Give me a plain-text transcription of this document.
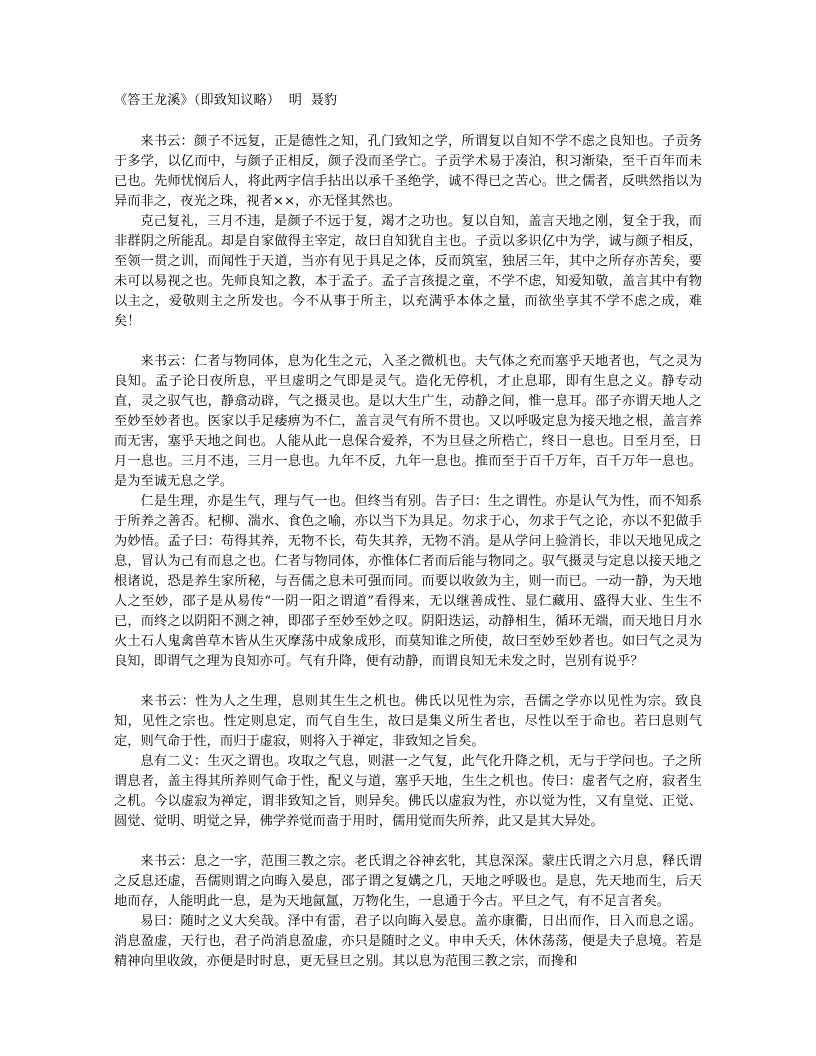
《答王龙溪》（即致知议略）  明  聂豹

来书云：颜子不远复，正是德性之知，孔门致知之学，所谓复以自知不学不虑之良知也。子贡务于多学，以亿而中，与颜子正相反，颜子没而圣学亡。子贡学术易于凑泊，积习渐染，至千百年而未已也。先师忧悯后人，将此两字信手拈出以承千圣绝学，诚不得已之苦心。世之儒者，反哄然指以为异而非之，夜光之珠，视者××，亦无怪其然也。

克己复礼，三月不违，是颜子不远于复，竭才之功也。复以自知，盖言天地之刚，复全于我，而非群阴之所能乱。却是自家做得主宰定，故曰自知犹自主也。子贡以多识亿中为学，诚与颜子相反，至领一贯之训，而闻性于天道，当亦有见于具足之体，反而筑室，独居三年，其中之所存亦苦矣，要未可以易视之也。先师良知之教，本于孟子。孟子言孩提之童，不学不虑，知爱知敬，盖言其中有物以主之，爱敬则主之所发也。今不从事于所主，以充满乎本体之量，而欲坐享其不学不虑之成，难矣！

来书云：仁者与物同体，息为化生之元，入圣之微机也。夫气体之充而塞乎天地者也，气之灵为良知。孟子论日夜所息，平旦虚明之气即是灵气。造化无停机，才止息耶，即有生息之义。静专动直，灵之驭气也，静翕动辟，气之摄灵也。是以大生广生，动静之间，惟一息耳。邵子亦谓天地人之至妙至妙者也。医家以手足痿痹为不仁，盖言灵气有所不贯也。又以呼吸定息为接天地之根，盖言养而无害，塞乎天地之间也。人能从此一息保合爱养，不为旦昼之所梏亡，终日一息也。日至月至，日月一息也。三月不违，三月一息也。九年不反，九年一息也。推而至于百千万年，百千万年一息也。是为至诚无息之学。

仁是生理，亦是生气，理与气一也。但终当有别。告子曰：生之谓性。亦是认气为性，而不知系于所养之善否。杞柳、湍水、食色之喻，亦以当下为具足。勿求于心，勿求于气之论，亦以不犯做手为妙悟。孟子曰：苟得其养，无物不长，苟失其养，无物不消。是从学问上验消长，非以天地见成之息，冒认为己有而息之也。仁者与物同体，亦惟体仁者而后能与物同之。驭气摄灵与定息以接天地之根诸说，恐是养生家所秘，与吾儒之息未可强而同。而要以收敛为主，则一而已。一动一静，为天地人之至妙，邵子是从易传“一阴一阳之谓道”看得来，无以继善成性、显仁藏用、盛得大业、生生不已，而终之以阴阳不测之神，即邵子至妙至妙之叹。阴阳迭运，动静相生，循环无端，而天地日月水火土石人鬼禽兽草木皆从生灭摩荡中成象成形，而莫知谁之所使，故曰至妙至妙者也。如曰气之灵为良知，即谓气之理为良知亦可。气有升降，便有动静，而谓良知无未发之时，岂别有说乎？

来书云：性为人之生理，息则其生生之机也。佛氏以见性为宗，吾儒之学亦以见性为宗。致良知，见性之宗也。性定则息定，而气自生生，故曰是集义所生者也，尽性以至于命也。若曰息则气定，则气命于性，而归于虚寂，则将入于禅定，非致知之旨矣。

息有二义：生灭之谓也。攻取之气息，则湛一之气复，此气化升降之机，无与于学问也。子之所谓息者，盖主得其所养则气命于性，配义与道，塞乎天地，生生之机也。传曰：虚者气之府，寂者生之机。今以虚寂为禅定，谓非致知之旨，则异矣。佛氏以虚寂为性，亦以觉为性，又有皇觉、正觉、圆觉、觉明、明觉之异，佛学养觉而啬于用时，儒用觉而失所养，此又是其大异处。

来书云：息之一字，范围三教之宗。老氏谓之谷神玄牝，其息深深。蒙庄氏谓之六月息，释氏谓之反息还虚，吾儒则谓之向晦入晏息，邵子谓之复媾之几，天地之呼吸也。是息，先天地而生，后天地而存，人能明此一息，是为天地氤氲，万物化生，一息通于今古。平旦之气，有不足言者矣。

易曰：随时之义大矣哉。泽中有雷，君子以向晦入晏息。盖亦康衢，日出而作，日入而息之谣。消息盈虚，天行也，君子尚消息盈虚，亦只是随时之义。申申夭夭，休休荡荡，便是夫子息境。若是精神向里收敛，亦便是时时息，更无昼旦之别。其以息为范围三教之宗，而搀和
